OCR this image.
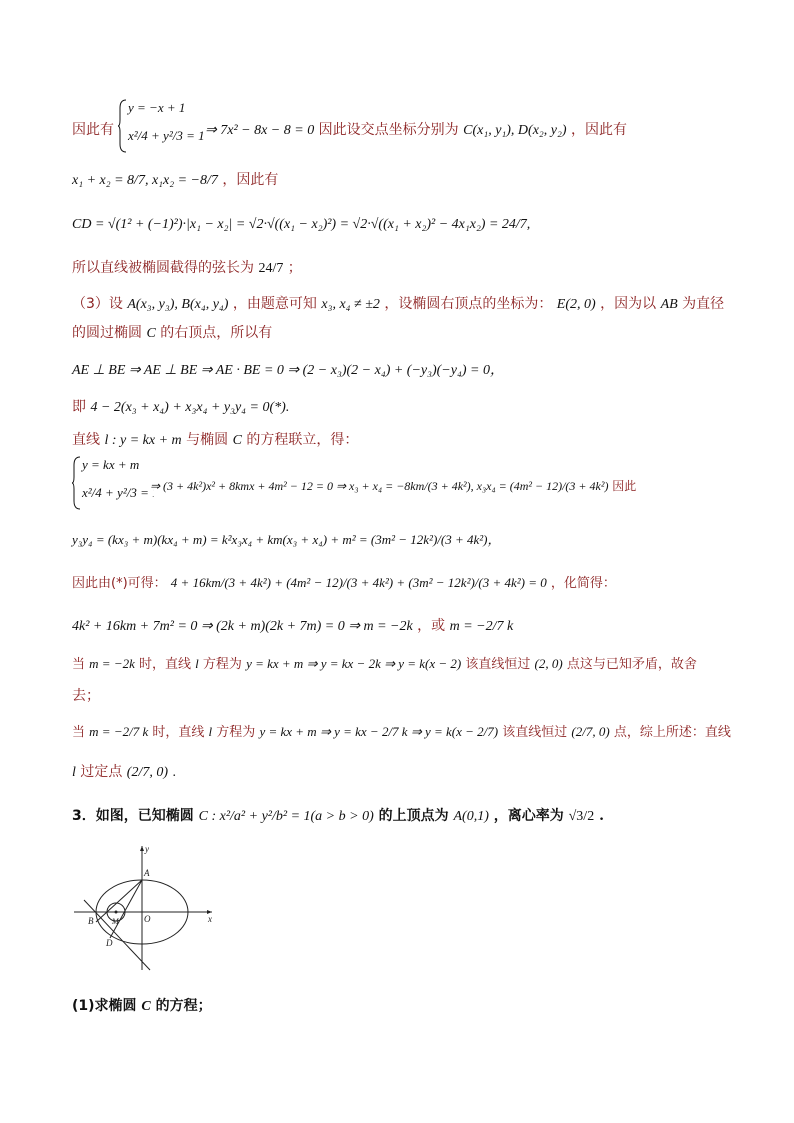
因此有
y = −x + 1
x²/4 + y²/3 = 1 ⇒ 7x² − 8x − 8 = 0 因此设交点坐标分别为 C(x₁, y₁), D(x₂, y₂) ，因此有
x₁ + x₂ = 8/7, x₁x₂ = −8/7 ，因此有
CD = √(1² + (−1)²)·|x₁ − x₂| = √2·√((x₁ − x₂)²) = √2·√((x₁ + x₂)² − 4x₁x₂) = 24/7,
所以直线被椭圆截得的弦长为 24/7 ；
（3）设 A(x₃, y₃), B(x₄, y₄) ，由题意可知 x₃, x₄ ≠ ±2 ，设椭圆右顶点的坐标为： E(2, 0) ，因为以 AB 为直径
的圆过椭圆 C 的右顶点，所以有
AE ⊥ BE ⇒ AE ⊥ BE ⇒ AE · BE = 0 ⇒ (2 − x₃)(2 − x₄) + (−y₃)(−y₄) = 0，
即 4 − 2(x₃ + x₄) + x₃x₄ + y₃y₄ = 0(*).
直线 l : y = kx + m 与椭圆 C 的方程联立，得：
y = kx + m
x²/4 + y²/3 = 1
⇒ (3 + 4k²)x² + 8kmx + 4m² − 12 = 0 ⇒ x₃ + x₄ = −8km/(3 + 4k²), x₃x₄ = (4m² − 12)/(3 + 4k²) 因此
y₃y₄ = (kx₃ + m)(kx₄ + m) = k²x₃x₄ + km(x₃ + x₄) + m² = (3m² − 12k²)/(3 + 4k²)，
因此由(*)可得： 4 + 16km/(3 + 4k²) + (4m² − 12)/(3 + 4k²) + (3m² − 12k²)/(3 + 4k²) = 0 ，化简得：
4k² + 16km + 7m² = 0 ⇒ (2k + m)(2k + 7m) = 0 ⇒ m = −2k ，或 m = −2/7 k
当 m = −2k 时，直线 l 方程为 y = kx + m ⇒ y = kx − 2k ⇒ y = k(x − 2) 该直线恒过 (2, 0) 点这与已知矛盾，故舍
去；
当 m = −2/7 k 时，直线 l 方程为 y = kx + m ⇒ y = kx − 2/7 k ⇒ y = k(x − 2/7) 该直线恒过 (2/7, 0) 点，综上所述：直线
l 过定点 (2/7, 0) .
3．如图，已知椭圆 C : x²/a² + y²/b² = 1(a > b > 0) 的上顶点为 A(0,1) ，离心率为 √3/2 .
x
y
A
B
D
M	O
(1)求椭圆 C 的方程；
